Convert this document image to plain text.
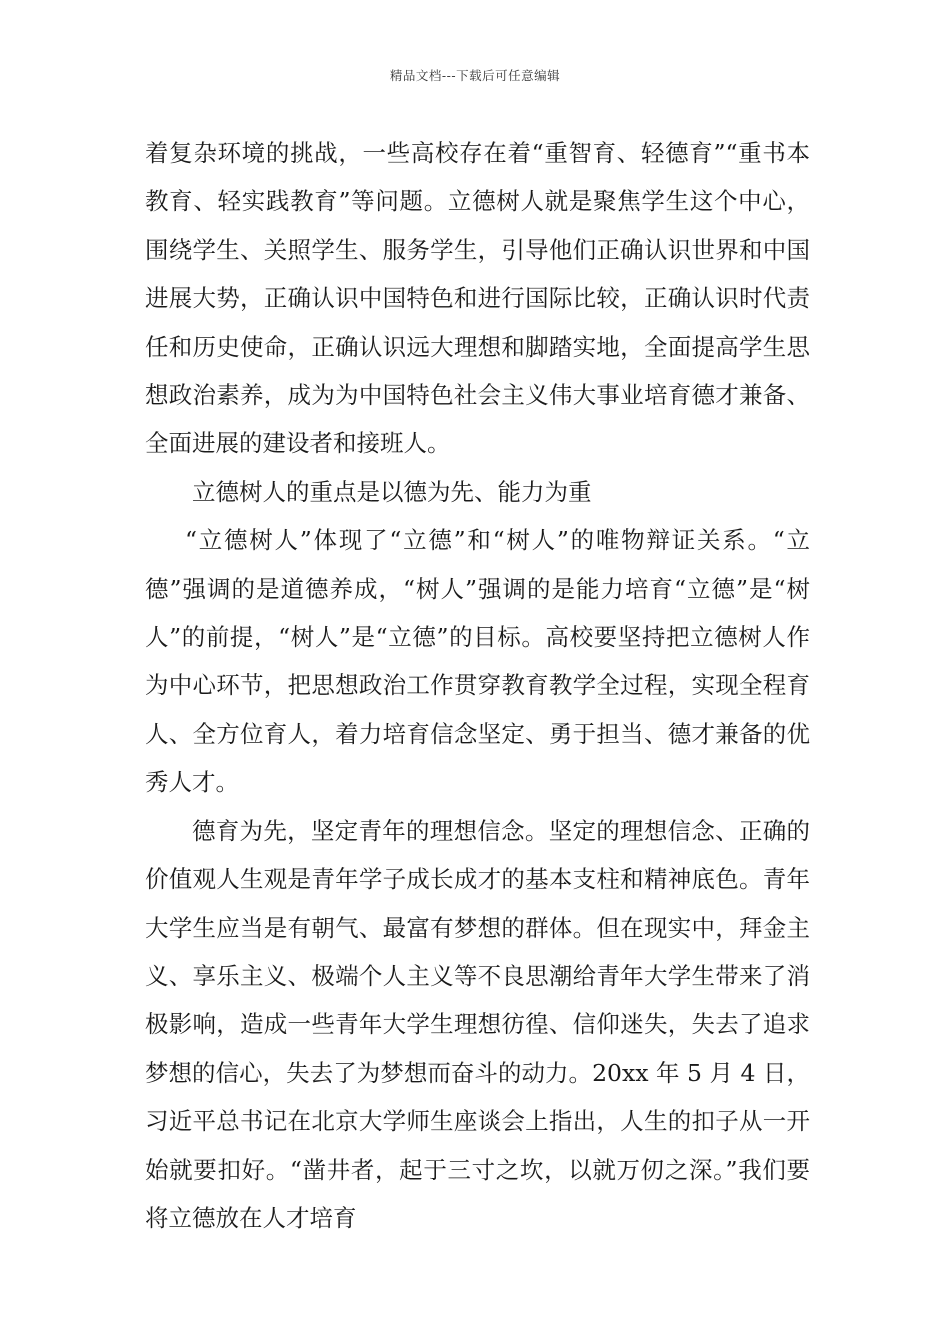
精品文档---下载后可任意编辑

着复杂环境的挑战，一些高校存在着“重智育、轻德育”“重书本教育、轻实践教育”等问题。立德树人就是聚焦学生这个中心，围绕学生、关照学生、服务学生，引导他们正确认识世界和中国进展大势，正确认识中国特色和进行国际比较，正确认识时代责任和历史使命，正确认识远大理想和脚踏实地，全面提高学生思想政治素养，成为为中国特色社会主义伟大事业培育德才兼备、全面进展的建设者和接班人。

立德树人的重点是以德为先、能力为重

“立德树人”体现了“立德”和“树人”的唯物辩证关系。“立德”强调的是道德养成，“树人”强调的是能力培育“立德”是“树人”的前提，“树人”是“立德”的目标。高校要坚持把立德树人作为中心环节，把思想政治工作贯穿教育教学全过程，实现全程育人、全方位育人，着力培育信念坚定、勇于担当、德才兼备的优秀人才。

德育为先，坚定青年的理想信念。坚定的理想信念、正确的价值观人生观是青年学子成长成才的基本支柱和精神底色。青年大学生应当是有朝气、最富有梦想的群体。但在现实中，拜金主义、享乐主义、极端个人主义等不良思潮给青年大学生带来了消极影响，造成一些青年大学生理想彷徨、信仰迷失，失去了追求梦想的信心，失去了为梦想而奋斗的动力。20xx 年 5 月 4 日，习近平总书记在北京大学师生座谈会上指出，人生的扣子从一开始就要扣好。“凿井者，起于三寸之坎，以就万仞之深。”我们要将立德放在人才培育
